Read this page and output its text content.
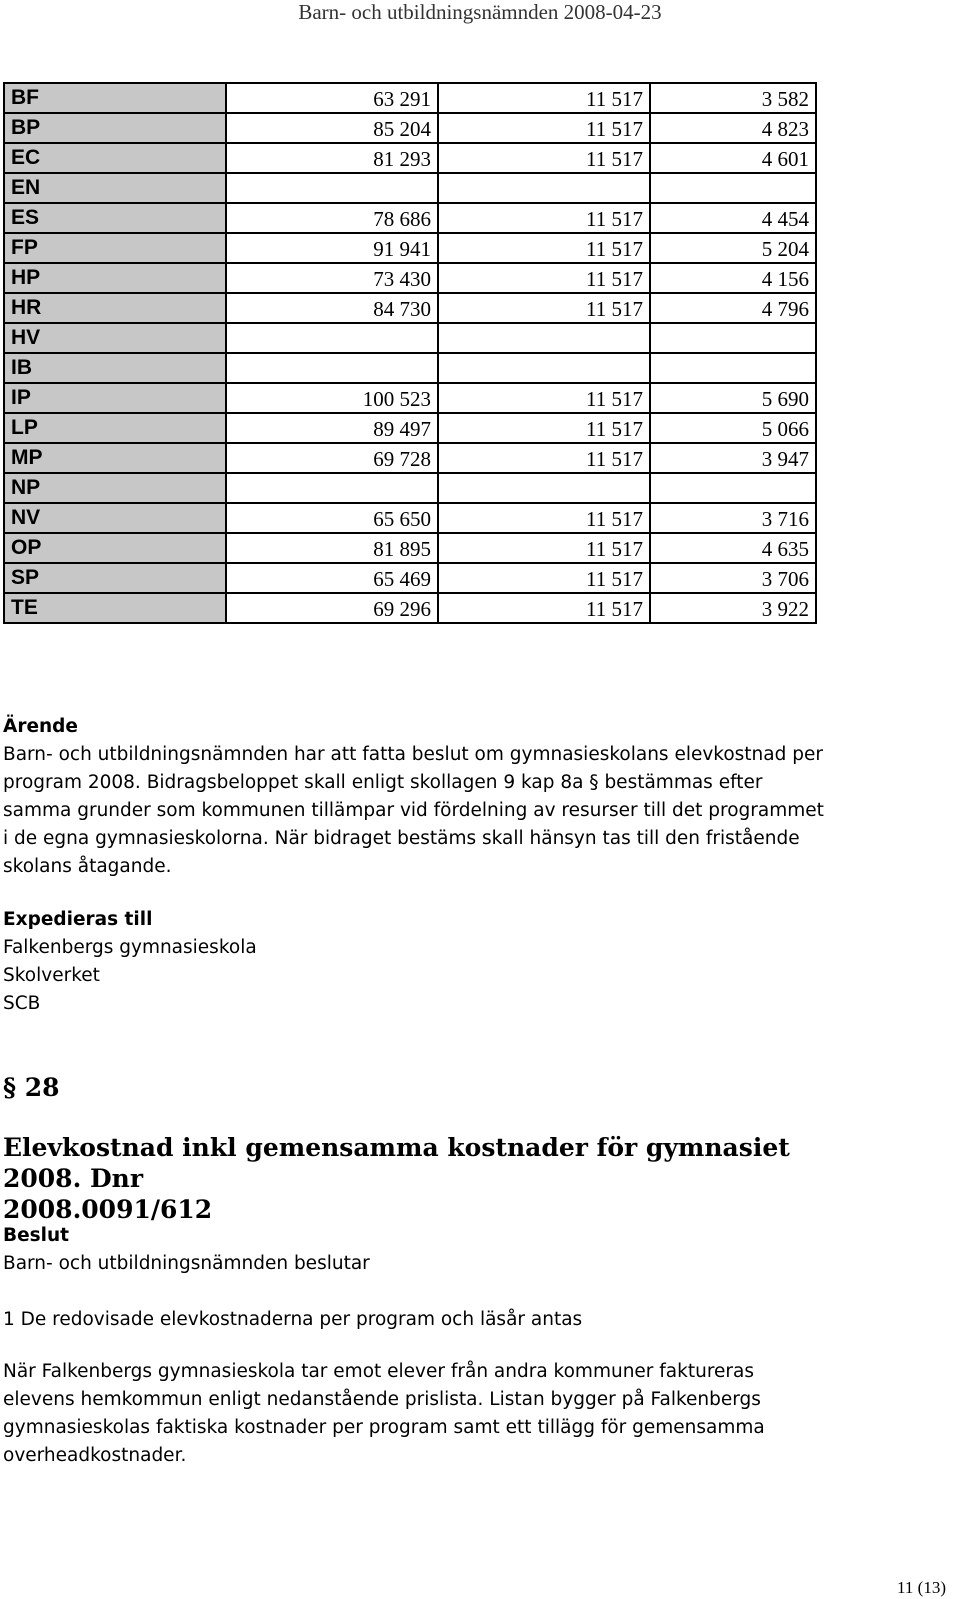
Barn- och utbildningsnämnden 2008-04-23
BF	63 291	11 517	3 582
BP	85 204	11 517	4 823
EC	81 293	11 517	4 601
EN			
ES	78 686	11 517	4 454
FP	91 941	11 517	5 204
HP	73 430	11 517	4 156
HR	84 730	11 517	4 796
HV			
IB			
IP	100 523	11 517	5 690
LP	89 497	11 517	5 066
MP	69 728	11 517	3 947
NP			
NV	65 650	11 517	3 716
OP	81 895	11 517	4 635
SP	65 469	11 517	3 706
TE	69 296	11 517	3 922
Ärende
Barn- och utbildningsnämnden har att fatta beslut om gymnasieskolans elevkostnad per
program 2008. Bidragsbeloppet skall enligt skollagen 9 kap 8a § bestämmas efter
samma grunder som kommunen tillämpar vid fördelning av resurser till det programmet
i de egna gymnasieskolorna. När bidraget bestäms skall hänsyn tas till den fristående
skolans åtagande.
Expedieras till
Falkenbergs gymnasieskola
Skolverket
SCB
§ 28
Elevkostnad inkl gemensamma kostnader för gymnasiet 2008. Dnr
2008.0091/612
Beslut
Barn- och utbildningsnämnden beslutar
1 De redovisade elevkostnaderna per program och läsår antas
När Falkenbergs gymnasieskola tar emot elever från andra kommuner faktureras
elevens hemkommun enligt nedanstående prislista. Listan bygger på Falkenbergs
gymnasieskolas faktiska kostnader per program samt ett tillägg för gemensamma
overheadkostnader.
11 (13)
